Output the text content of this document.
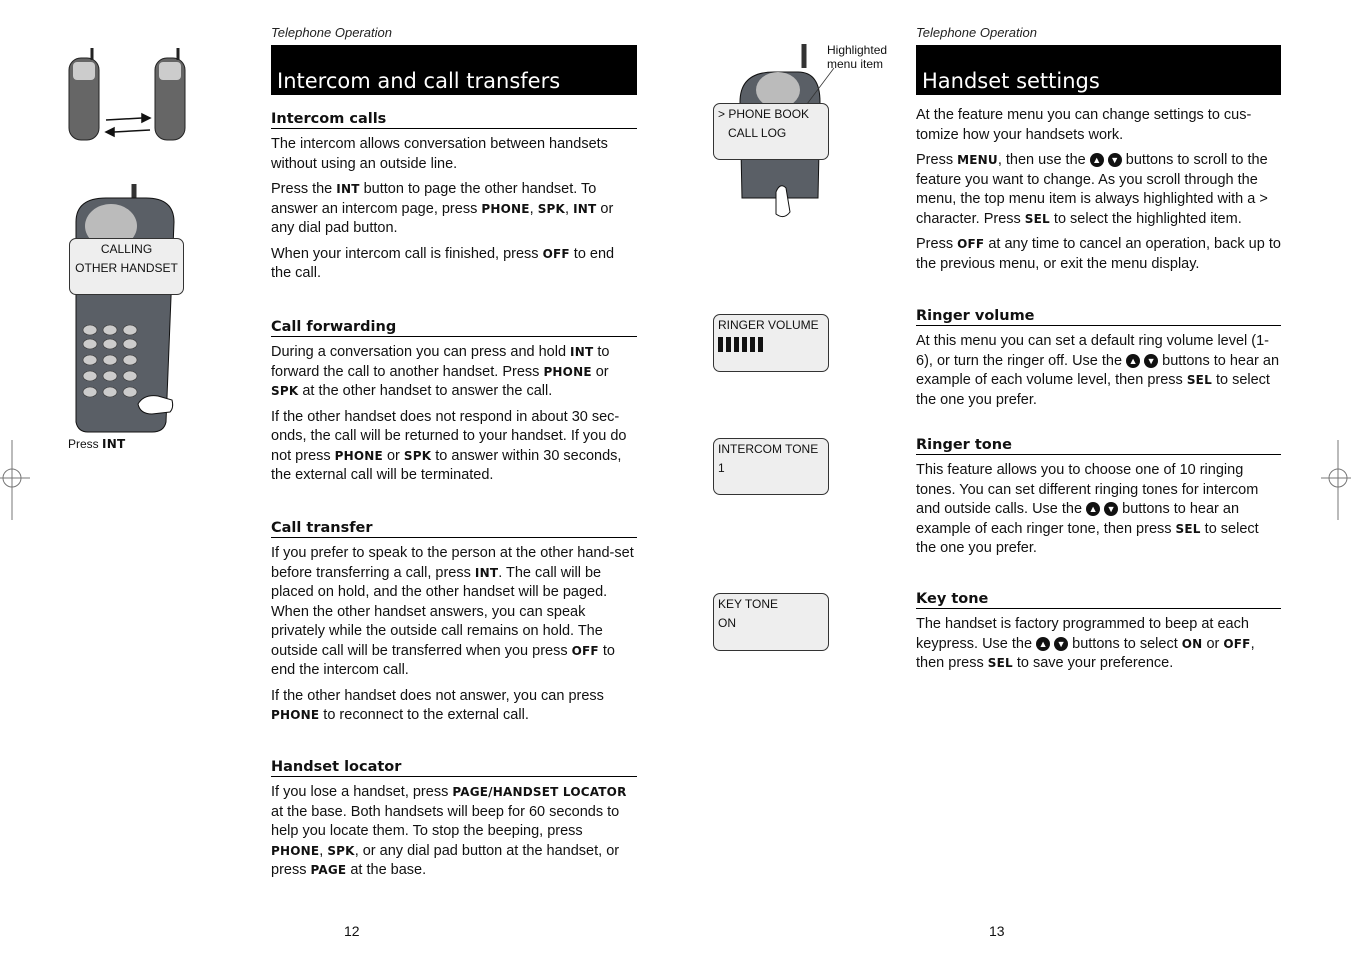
Telephone Operation
Intercom and call transfers
Intercom calls

The intercom allows conversation between handsets without using an outside line.

Press the INT button to page the other handset. To answer an intercom page, press PHONE, SPK, INT or any dial pad button.

When your intercom call is finished, press OFF to end the call.

Call forwarding

During a conversation you can press and hold INT to forward the call to another handset. Press PHONE or SPK at the other handset to answer the call.

If the other handset does not respond in about 30 sec-onds, the call will be returned to your handset. If you do not press PHONE or SPK to answer within 30 seconds, the external call will be terminated.

Call transfer

If you prefer to speak to the person at the other hand-set before transferring a call, press INT. The call will be placed on hold, and the other handset will be paged. When the other handset answers, you can speak privately while the outside call remains on hold. The outside call will be transferred when you press OFF to end the intercom call.

If the other handset does not answer, you can press PHONE to reconnect to the external call.

Handset locator

If you lose a handset, press PAGE/HANDSET LOCATOR at the base. Both handsets will beep for 60 seconds to help you locate them. To stop the beeping, press PHONE, SPK, or any dial pad button at the handset, or press PAGE at the base.

12
CALLING
OTHER HANDSET
Press INT
Telephone Operation
Handset settings

At the feature menu you can change settings to cus-tomize how your handsets work.

Press MENU, then use the ▲ ▼ buttons to scroll to the feature you want to change. As you scroll through the menu, the top menu item is always highlighted with a > character. Press SEL to select the highlighted item.

Press OFF at any time to cancel an operation, back up to the previous menu, or exit the menu display.

Ringer volume

At this menu you can set a default ring volume level (1-6), or turn the ringer off. Use the ▲ ▼ buttons to hear an example of each volume level, then press SEL to select the one you prefer.

Ringer tone

This feature allows you to choose one of 10 ringing tones. You can set different ringing tones for intercom and outside calls. Use the ▲ ▼ buttons to hear an example of each ringer tone, then press SEL to select the one you prefer.

Key tone

The handset is factory programmed to beep at each keypress. Use the ▲ ▼ buttons to select ON or OFF, then press SEL to save your preference.

13
Highlighted menu item
> PHONE BOOK
CALL LOG
RINGER VOLUME
INTERCOM TONE
1
KEY TONE
ON
